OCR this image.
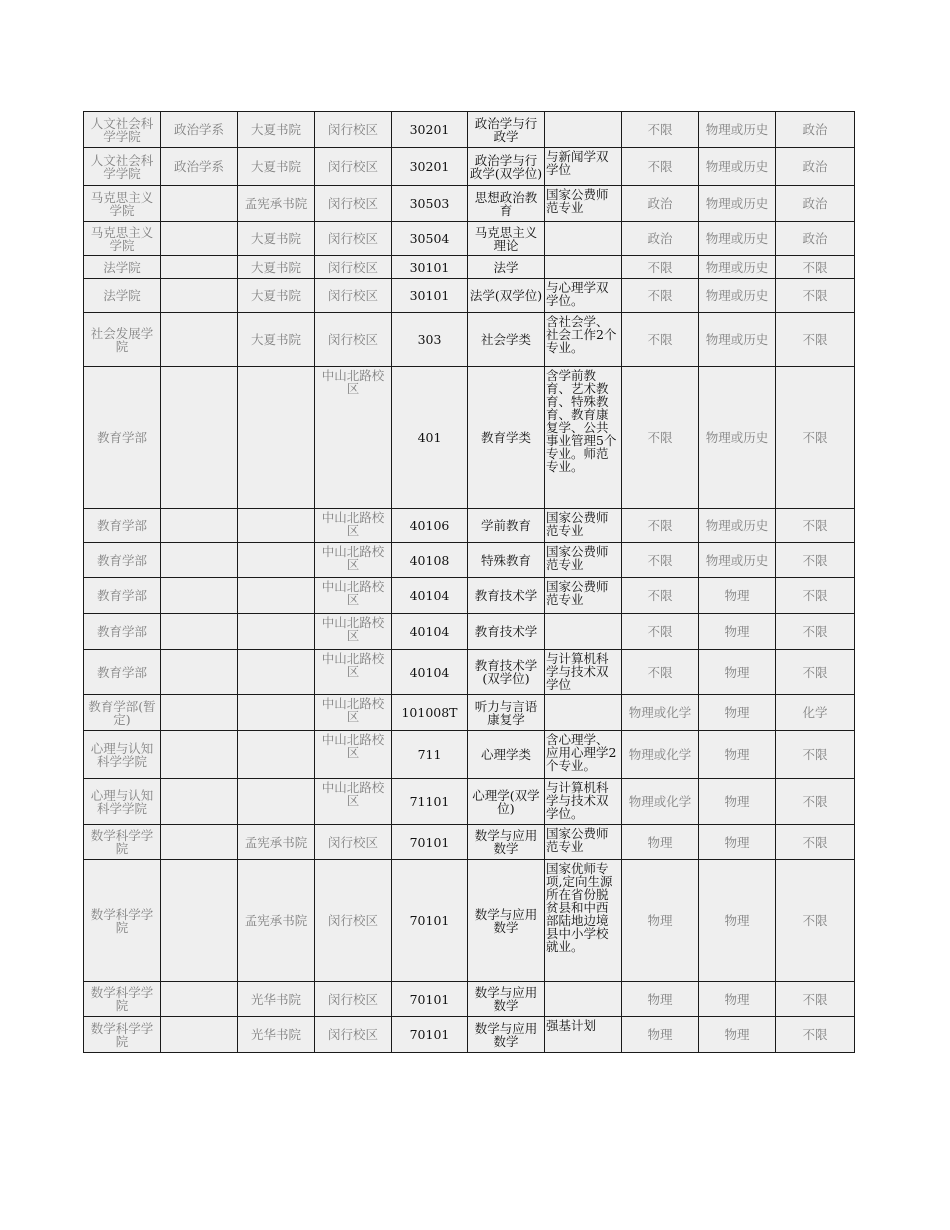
人文社会科学学院	政治学系	大夏书院	闵行校区	30201	政治学与行政学		不限	物理或历史	政治
人文社会科学学院	政治学系	大夏书院	闵行校区	30201	政治学与行政学(双学位)	与新闻学双学位	不限	物理或历史	政治
马克思主义学院		孟宪承书院	闵行校区	30503	思想政治教育	国家公费师范专业	政治	物理或历史	政治
马克思主义学院		大夏书院	闵行校区	30504	马克思主义理论		政治	物理或历史	政治
法学院		大夏书院	闵行校区	30101	法学		不限	物理或历史	不限
法学院		大夏书院	闵行校区	30101	法学(双学位)	与心理学双学位。	不限	物理或历史	不限
社会发展学院		大夏书院	闵行校区	303	社会学类	含社会学、社会工作2个专业。	不限	物理或历史	不限
教育学部			中山北路校区	401	教育学类	含学前教育、艺术教育、特殊教育、教育康复学、公共事业管理5个专业。师范专业。	不限	物理或历史	不限
教育学部			中山北路校区	40106	学前教育	国家公费师范专业	不限	物理或历史	不限
教育学部			中山北路校区	40108	特殊教育	国家公费师范专业	不限	物理或历史	不限
教育学部			中山北路校区	40104	教育技术学	国家公费师范专业	不限	物理	不限
教育学部			中山北路校区	40104	教育技术学		不限	物理	不限
教育学部			中山北路校区	40104	教育技术学(双学位)	与计算机科学与技术双学位	不限	物理	不限
教育学部(暂定)			中山北路校区	101008T	听力与言语康复学		物理或化学	物理	化学
心理与认知科学学院			中山北路校区	711	心理学类	含心理学、应用心理学2个专业。	物理或化学	物理	不限
心理与认知科学学院			中山北路校区	71101	心理学(双学位)	与计算机科学与技术双学位。	物理或化学	物理	不限
数学科学学院		孟宪承书院	闵行校区	70101	数学与应用数学	国家公费师范专业	物理	物理	不限
数学科学学院		孟宪承书院	闵行校区	70101	数学与应用数学	国家优师专项,定向生源所在省份脱贫县和中西部陆地边境县中小学校就业。	物理	物理	不限
数学科学学院		光华书院	闵行校区	70101	数学与应用数学		物理	物理	不限
数学科学学院		光华书院	闵行校区	70101	数学与应用数学	强基计划	物理	物理	不限
